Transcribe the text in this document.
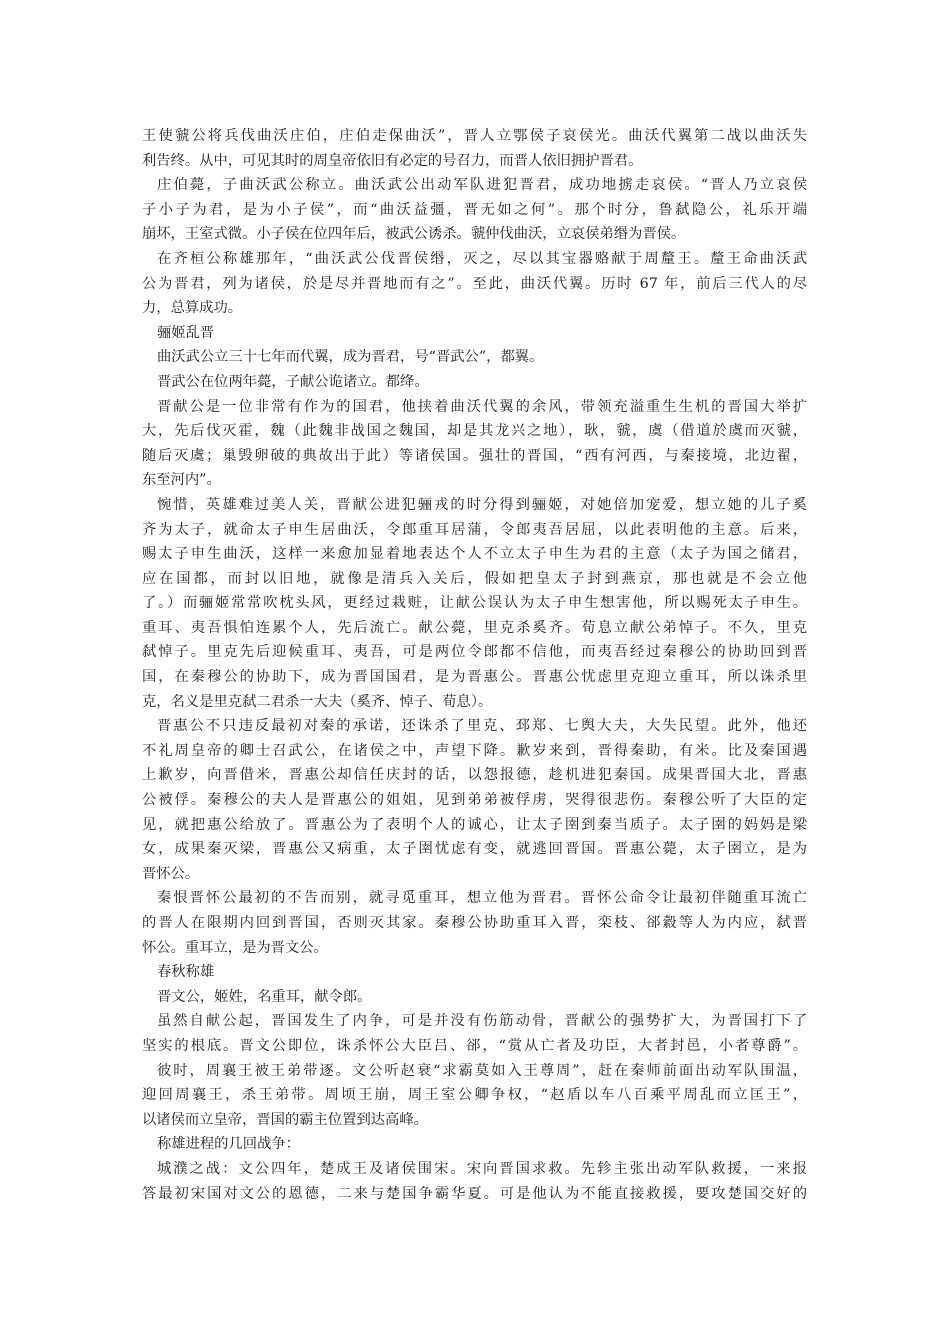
王使虢公将兵伐曲沃庄伯，庄伯走保曲沃”，晋人立鄂侯子哀侯光。曲沃代翼第二战以曲沃失
利告终。从中，可见其时的周皇帝依旧有必定的号召力，而晋人依旧拥护晋君。
庄伯薨，子曲沃武公称立。曲沃武公出动军队进犯晋君，成功地掳走哀侯。“晋人乃立哀侯
子小子为君，是为小子侯”，而“曲沃益彊，晋无如之何”。那个时分，鲁弑隐公，礼乐开端
崩坏，王室式微。小子侯在位四年后，被武公诱杀。虢仲伐曲沃，立哀侯弟缗为晋侯。
在齐桓公称雄那年，“曲沃武公伐晋侯缗，灭之，尽以其宝器赂献于周釐王。釐王命曲沃武
公为晋君，列为诸侯，於是尽并晋地而有之”。至此，曲沃代翼。历时 67 年，前后三代人的尽
力，总算成功。
骊姬乱晋
曲沃武公立三十七年而代翼，成为晋君，号“晋武公”，都翼。
晋武公在位两年薨，子献公诡诸立。都绛。
晋献公是一位非常有作为的国君，他挟着曲沃代翼的余风，带领充溢重生生机的晋国大举扩
大，先后伐灭霍，魏（此魏非战国之魏国，却是其龙兴之地），耿，虢，虞（借道於虞而灭虢，
随后灭虞；巢毁卵破的典故出于此）等诸侯国。强壮的晋国，“西有河西，与秦接境，北边翟，
东至河内”。
惋惜，英雄难过美人关，晋献公进犯骊戎的时分得到骊姬，对她倍加宠爱，想立她的儿子奚
齐为太子，就命太子申生居曲沃，令郎重耳居蒲，令郎夷吾居屈，以此表明他的主意。后来，
赐太子申生曲沃，这样一来愈加显着地表达个人不立太子申生为君的主意（太子为国之储君，
应在国都，而封以旧地，就像是清兵入关后，假如把皇太子封到燕京，那也就是不会立他
了。）而骊姬常常吹枕头风，更经过栽赃，让献公误认为太子申生想害他，所以赐死太子申生。
重耳、夷吾惧怕连累个人，先后流亡。献公薨，里克杀奚齐。荀息立献公弟悼子。不久，里克
弑悼子。里克先后迎候重耳、夷吾，可是两位令郎都不信他，而夷吾经过秦穆公的协助回到晋
国，在秦穆公的协助下，成为晋国国君，是为晋惠公。晋惠公忧虑里克迎立重耳，所以诛杀里
克，名义是里克弑二君杀一大夫（奚齐、悼子、荀息）。
晋惠公不只违反最初对秦的承诺，还诛杀了里克、邳郑、七舆大夫，大失民望。此外，他还
不礼周皇帝的卿士召武公，在诸侯之中，声望下降。歉岁来到，晋得秦助，有米。比及秦国遇
上歉岁，向晋借米，晋惠公却信任庆封的话，以怨报德，趁机进犯秦国。成果晋国大北，晋惠
公被俘。秦穆公的夫人是晋惠公的姐姐，见到弟弟被俘虏，哭得很悲伤。秦穆公听了大臣的定
见，就把惠公给放了。晋惠公为了表明个人的诚心，让太子圉到秦当质子。太子圉的妈妈是梁
女，成果秦灭梁，晋惠公又病重，太子圉忧虑有变，就逃回晋国。晋惠公薨，太子圉立，是为
晋怀公。
秦恨晋怀公最初的不告而别，就寻觅重耳，想立他为晋君。晋怀公命令让最初伴随重耳流亡
的晋人在限期内回到晋国，否则灭其家。秦穆公协助重耳入晋，栾枝、郤縠等人为内应，弑晋
怀公。重耳立，是为晋文公。
春秋称雄
晋文公，姬姓，名重耳，献令郎。
虽然自献公起，晋国发生了内争，可是并没有伤筋动骨，晋献公的强势扩大，为晋国打下了
坚实的根底。晋文公即位，诛杀怀公大臣吕、郤，“赏从亡者及功臣，大者封邑，小者尊爵”。
彼时，周襄王被王弟带逐。文公听赵衰“求霸莫如入王尊周”，赶在秦师前面出动军队围温，
迎回周襄王，杀王弟带。周顷王崩，周王室公卿争权，“赵盾以车八百乘平周乱而立匡王”，
以诸侯而立皇帝，晋国的霸主位置到达高峰。
称雄进程的几回战争：
城濮之战：文公四年，楚成王及诸侯围宋。宋向晋国求救。先轸主张出动军队救援，一来报
答最初宋国对文公的恩德，二来与楚国争霸华夏。可是他认为不能直接救援，要攻楚国交好的
